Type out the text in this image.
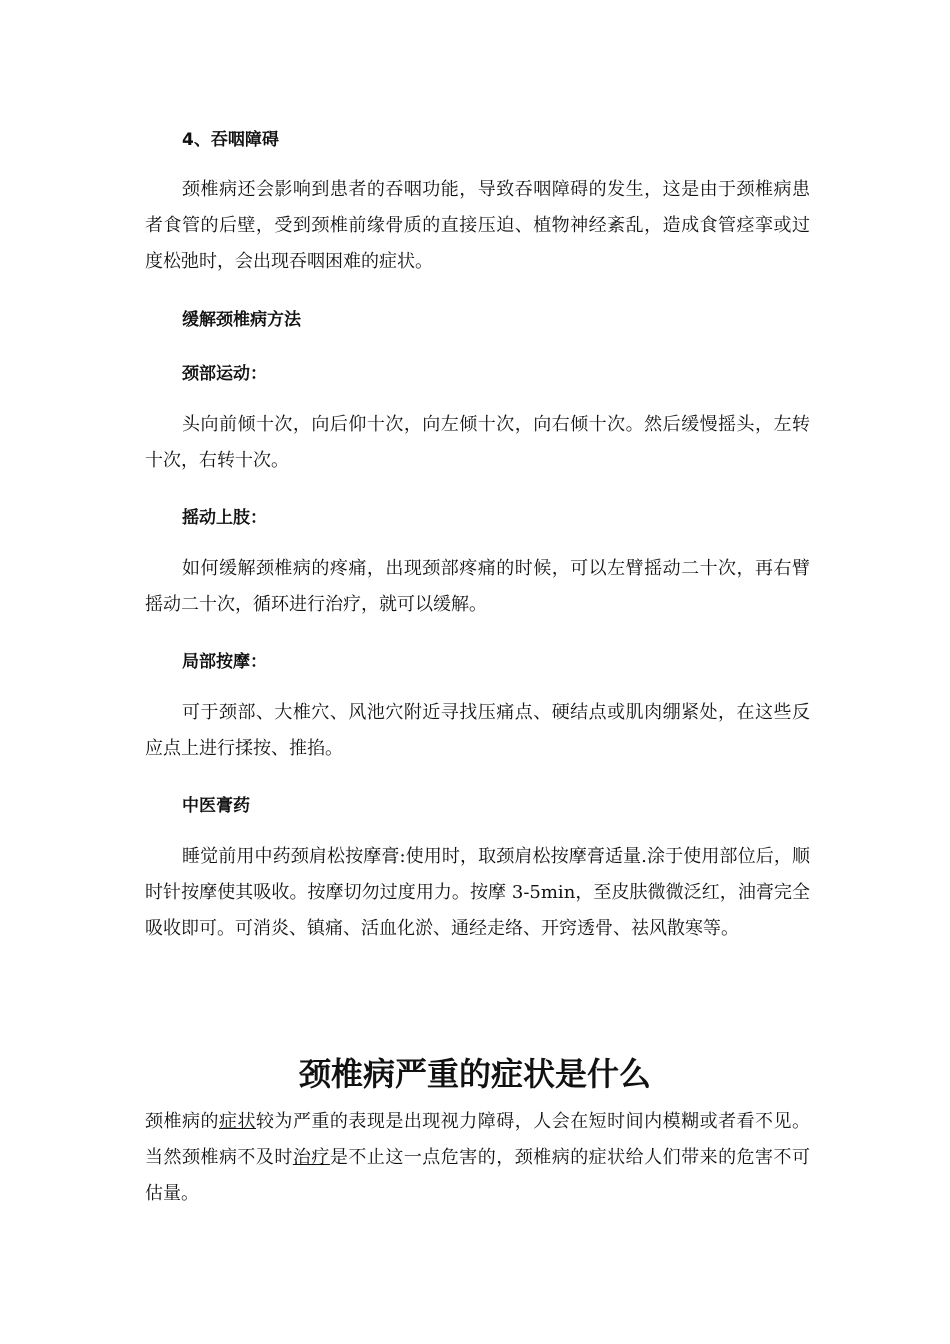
4、吞咽障碍

颈椎病还会影响到患者的吞咽功能，导致吞咽障碍的发生，这是由于颈椎病患者食管的后壁，受到颈椎前缘骨质的直接压迫、植物神经紊乱，造成食管痉挛或过度松弛时，会出现吞咽困难的症状。

缓解颈椎病方法

颈部运动：

头向前倾十次，向后仰十次，向左倾十次，向右倾十次。然后缓慢摇头，左转十次，右转十次。

摇动上肢：

如何缓解颈椎病的疼痛，出现颈部疼痛的时候，可以左臂摇动二十次，再右臂摇动二十次，循环进行治疗，就可以缓解。

局部按摩：

可于颈部、大椎穴、风池穴附近寻找压痛点、硬结点或肌肉绷紧处，在这些反应点上进行揉按、推掐。

中医膏药

睡觉前用中药颈肩松按摩膏:使用时，取颈肩松按摩膏适量.涂于使用部位后，顺时针按摩使其吸收。按摩切勿过度用力。按摩 3-5min，至皮肤微微泛红，油膏完全吸收即可。可消炎、镇痛、活血化淤、通经走络、开窍透骨、祛风散寒等。

颈椎病严重的症状是什么

颈椎病的症状较为严重的表现是出现视力障碍，人会在短时间内模糊或者看不见。当然颈椎病不及时治疗是不止这一点危害的，颈椎病的症状给人们带来的危害不可估量。
